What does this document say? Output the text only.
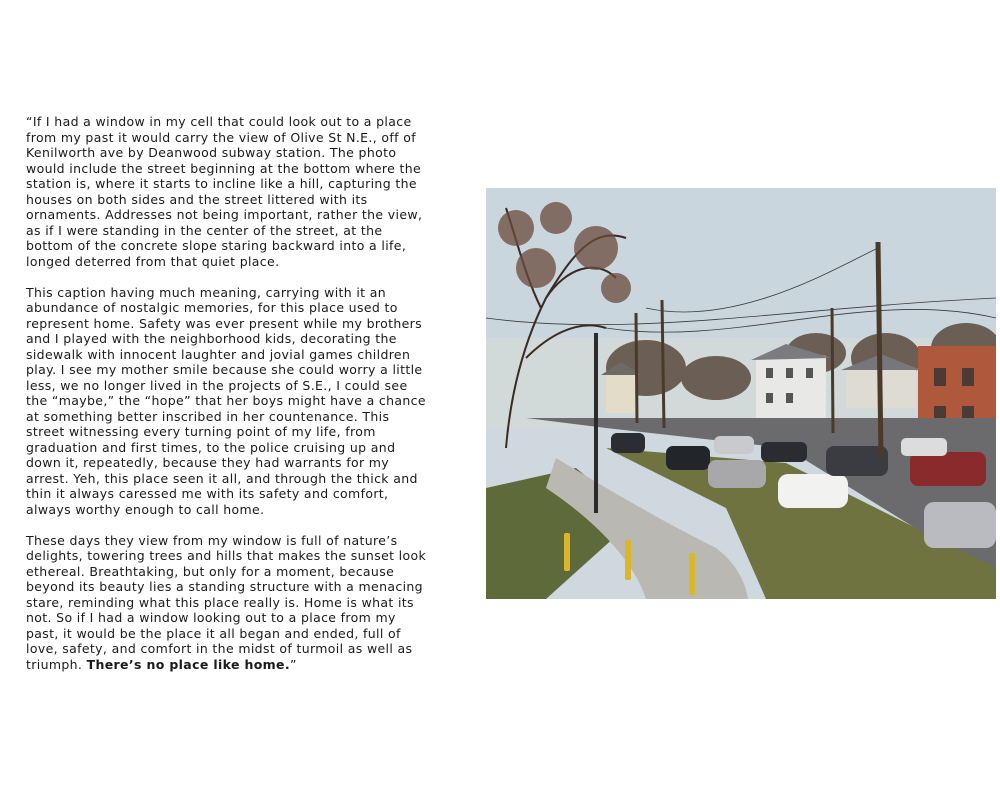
“If I had a window in my cell that could look out to a place
from my past it would carry the view of Olive St N.E., off of
Kenilworth ave by Deanwood subway station. The photo
would include the street beginning at the bottom where the
station is, where it starts to incline like a hill, capturing the
houses on both sides and the street littered with its
ornaments. Addresses not being important, rather the view,
as if I were standing in the center of the street, at the
bottom of the concrete slope staring backward into a life,
longed deterred from that quiet place.

This caption having much meaning, carrying with it an
abundance of nostalgic memories, for this place used to
represent home. Safety was ever present while my brothers
and I played with the neighborhood kids, decorating the
sidewalk with innocent laughter and jovial games children
play. I see my mother smile because she could worry a little
less, we no longer lived in the projects of S.E., I could see
the “maybe,” the “hope” that her boys might have a chance
at something better inscribed in her countenance. This
street witnessing every turning point of my life, from
graduation and first times, to the police cruising up and
down it, repeatedly, because they had warrants for my
arrest. Yeh, this place seen it all, and through the thick and
thin it always caressed me with its safety and comfort,
always worthy enough to call home.

These days they view from my window is full of nature’s
delights, towering trees and hills that makes the sunset look
ethereal. Breathtaking, but only for a moment, because
beyond its beauty lies a standing structure with a menacing
stare, reminding what this place really is. Home is what its
not. So if I had a window looking out to a place from my
past, it would be the place it all began and ended, full of
love, safety, and comfort in the midst of turmoil as well as
triumph. There’s no place like home.”
